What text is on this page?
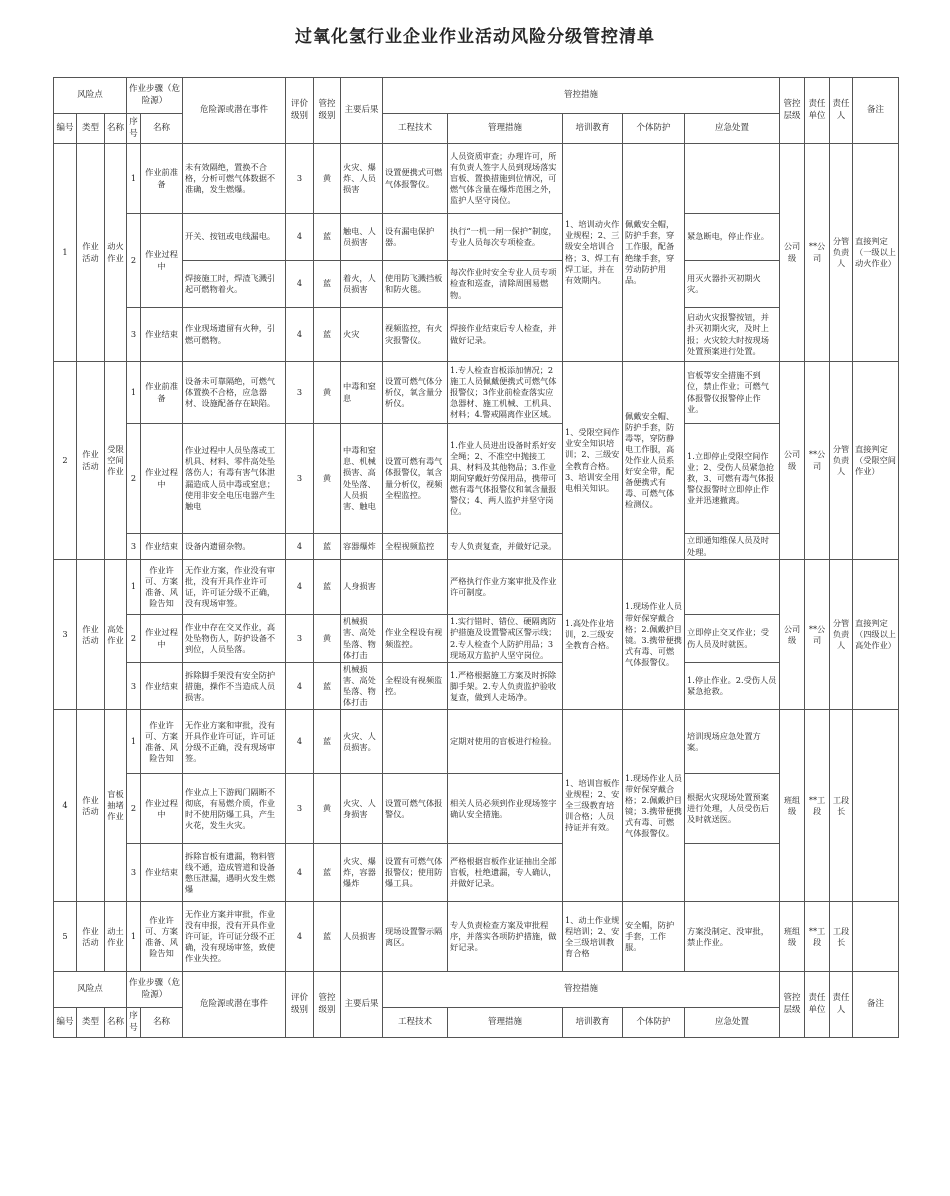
过氧化氢行业企业作业活动风险分级管控清单
风险点			作业步骤（危险源）		危险源或潜在事件	评价级别	管控级别	主要后果	管控措施					管控层级	责任单位	责任人	备注
编号	类型	名称	序号	名称					工程技术	管理措施	培训教育	个体防护	应急处置				
1	作业活动	动火作业	1	作业前准备	未有效隔绝，置换不合格，分析可燃气体数据不准确，发生燃爆。	3	黄	火灾、爆炸、人员损害	设置便携式可燃气体报警仪。	人员资质审查；办理许可，所有负责人签字人员到现场落实盲板、置换措施到位情况，可燃气体含量在爆炸范围之外，监护人坚守岗位。	1、培训动火作业规程；2、三级安全培训合格；3、焊工有焊工证，并在有效期内。	佩戴安全帽，防护手套，穿工作服，配备绝缘手套，穿劳动防护用品。		公司级	**公司	分管负责人	直接判定（一级以上动火作业）
			2	作业过程中	开关、按钮或电线漏电。	4	蓝	触电、人员损害	设有漏电保护器。	执行“一机一闸一保护”制度，专业人员每次专项检查。			紧急断电，停止作业。				
					焊接施工时，焊渣飞溅引起可燃物着火。	4	蓝	着火，人员损害	使用防飞溅挡板和防火毯。	每次作业时安全专业人员专项检查和巡查，清除周围易燃物。			用灭火器扑灭初期火灾。				
			3	作业结束	作业现场遗留有火种，引燃可燃物。	4	蓝	火灾	视频监控，有火灾报警仪。	焊接作业结束后专人检查，并做好记录。			启动火灾报警按钮，并扑灭初期火灾，及时上报；火灾较大时按现场处置预案进行处置。				
2	作业活动	受限空间作业	1	作业前准备	设备未可靠隔绝，可燃气体置换不合格，应急器材、设施配备存在缺陷。	3	黄	中毒和窒息	设置可燃气体分析仪，氧含量分析仪。	1.专人检查盲板添加情况；2施工人员佩戴便携式可燃气体报警仪；3作业前检查落实应急器材、施工机械、工机具、材料；4.警戒隔离作业区域。	1、受限空间作业安全知识培训；2、三级安全教育合格。3、培训安全用电相关知识。	佩戴安全帽、防护手套，防毒等，穿防静电工作服，高处作业人员系好安全带，配备便携式有毒、可燃气体检测仪。	盲板等安全措施不到位，禁止作业；可燃气体报警仪报警停止作业。	公司级	**公司	分管负责人	直接判定（受限空间作业）
			2	作业过程中	作业过程中人员坠落或工机具、材料、零件高处坠落伤人；有毒有害气体泄漏造成人员中毒或窒息；使用非安全电压电器产生触电	3	黄	中毒和窒息、机械损害、高处坠落、人员损害、触电	设置可燃有毒气体报警仪，氧含量分析仪，视频全程监控。	1.作业人员进出设备时系好安全绳；2、不准空中抛接工具、材料及其他物品；3.作业期间穿戴好劳保用品，携带可燃有毒气体报警仪和氧含量报警仪；4、两人监护并坚守岗位。			1.立即停止受限空间作业；2、受伤人员紧急抢救，3、可燃有毒气体报警仪报警时立即停止作业并迅速撤离。				
			3	作业结束	设备内遗留杂物。	4	蓝	容器爆炸	全程视频监控	专人负责复查，并做好记录。			立即通知维保人员及时处理。				
3	作业活动	高处作业	1	作业许可、方案准备、风险告知	无作业方案，作业没有审批，没有开具作业许可证，许可证分级不正确，没有现场审签。	4	蓝	人身损害		严格执行作业方案审批及作业许可制度。	1.高处作业培训，2.三级安全教育合格。	1.现场作业人员带好保穿戴合格；2.佩戴护目镜。3.携带便携式有毒、可燃气体报警仪。		公司级	**公司	分管负责人	直接判定（四级以上高处作业）
			2	作业过程中	作业中存在交叉作业，高处坠物伤人，防护设备不到位，人员坠落。	3	黄	机械损害、高处坠落、物体打击	作业全程设有视频监控。	1.实行错时、错位、硬隔离防护措施及设置警戒区警示线；2.专人检查个人防护用品；3现场双方监护人坚守岗位。			立即停止交叉作业；受伤人员及时就医。				
			3	作业结束	拆除脚手架没有安全防护措施，操作不当造成人员损害。	4	蓝	机械损害、高处坠落、物体打击	全程设有视频监控。	1.严格根据施工方案及时拆除脚手架。2.专人负责监护验收复查，做到人走场净。			1.停止作业。2.受伤人员紧急抢救。				
4	作业活动	盲板抽堵作业	1	作业许可、方案准备、风险告知	无作业方案和审批，没有开具作业许可证，许可证分级不正确，没有现场审签。	4	蓝	火灾、人员损害。		定期对使用的盲板进行检验。	1、培训盲板作业规程；2、安全三级教育培训合格；人员持证并有效。	1.现场作业人员带好保穿戴合格；2.佩戴护目镜；3.携带便携式有毒、可燃气体报警仪。	培训现场应急处置方案。	班组级	**工段	工段长	
			2	作业过程中	作业点上下游阀门隔断不彻底，有易燃介质，作业时不使用防爆工具，产生火花，发生火灾。	3	黄	火灾、人身损害	设置可燃气体报警仪。	相关人员必须到作业现场签字确认安全措施。			根据火灾现场处置预案进行处理，人员受伤后及时就送医。				
			3	作业结束	拆除盲板有遗漏，物料管线不通，造成管道和设备憋压泄漏，遇明火发生燃爆	4	蓝	火灾、爆炸，容器爆炸	设置有可燃气体报警仪；使用防爆工具。	严格根据盲板作业证抽出全部盲板，杜绝遗漏，专人确认，并做好记录。							
5	作业活动	动土作业	1	作业许可、方案准备、风险告知	无作业方案并审批，作业没有申报，没有开具作业许可证，许可证分级不正确，没有现场审签，致使作业失控。	4	蓝	人员损害	现场设置警示隔离区。	专人负责检查方案及审批程序，并落实各项防护措施，做好记录。	1、动土作业规程培训；2、安全三级培训教育合格	安全帽，防护手套，工作服。	方案没制定、没审批，禁止作业。	班组级	**工段	工段长	
风险点			作业步骤（危险源）		危险源或潜在事件	评价级别	管控级别	主要后果	管控措施					管控层级	责任单位	责任人	备注
编号	类型	名称	序号	名称					工程技术	管理措施	培训教育	个体防护	应急处置				
